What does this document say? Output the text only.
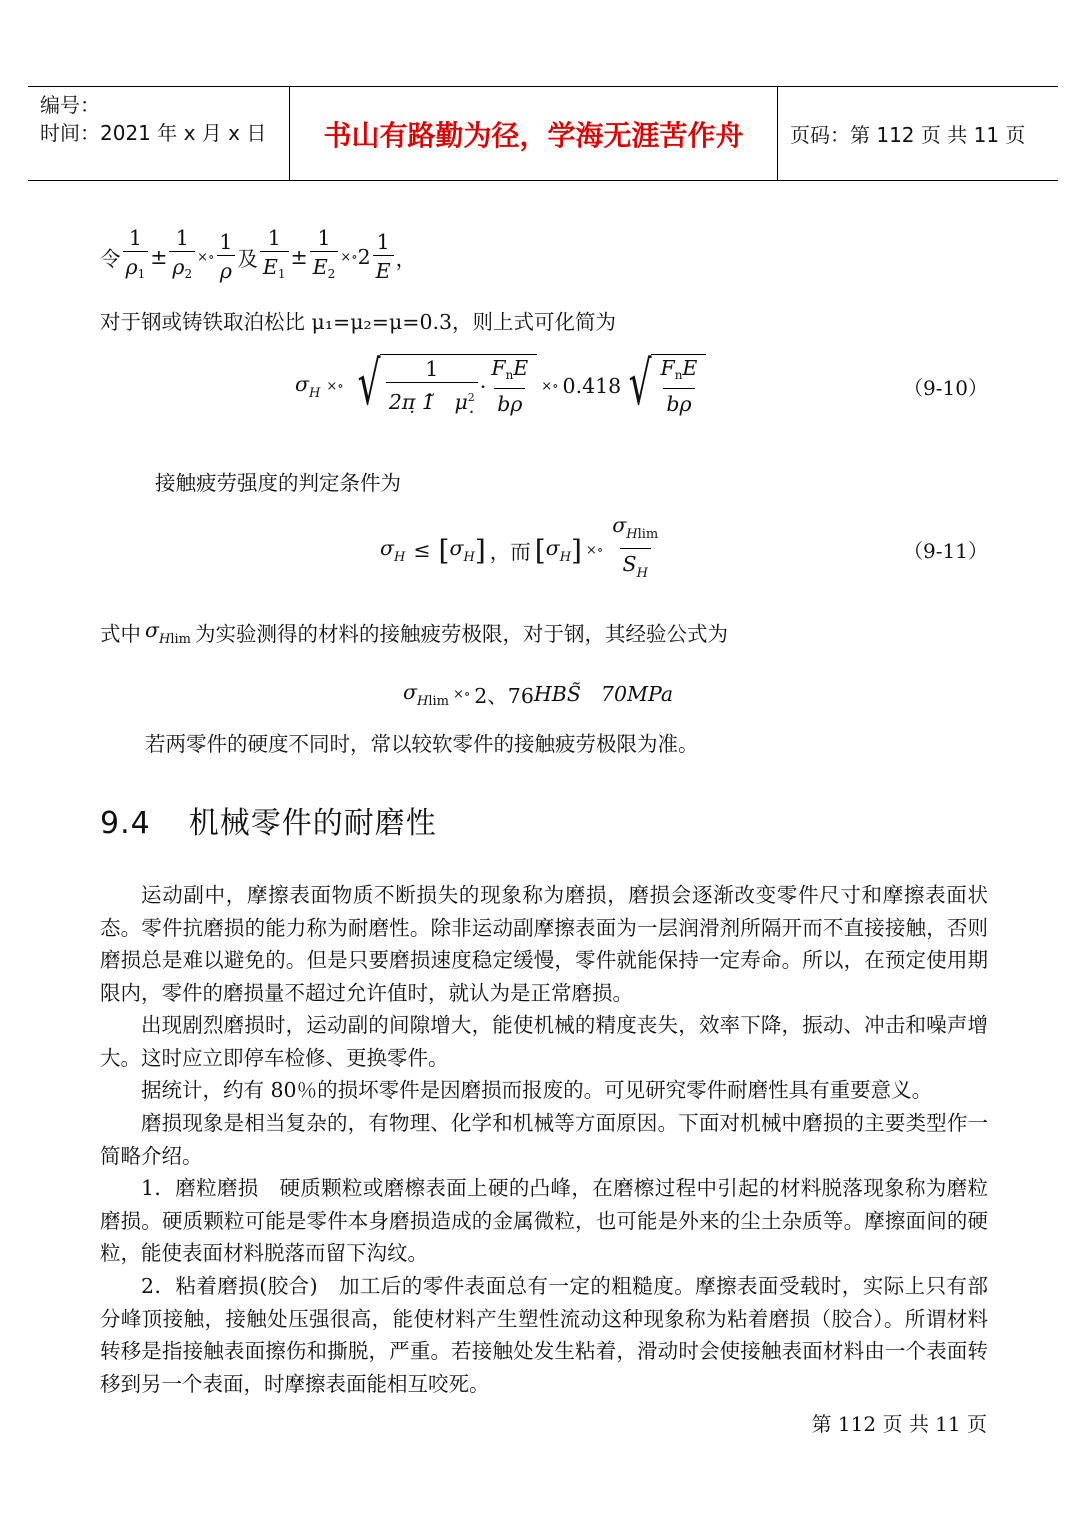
编号：
时间：2021 年 x 月 x 日	书山有路勤为径，学海无涯苦作舟	页码：第 112 页 共 11 页
令 $\frac{1}{\rho_1} \pm \frac{1}{\rho_2}$ ×∘ $\frac{1}{\rho}$ 及 $\frac{1}{E_1} \pm \frac{1}{E_2}$ ×∘ $2 \frac{1}{E}$ ，

对于钢或铸铁取泊松比 μ₁=μ₂=μ=0.3，则上式可化简为

$\sigma_H$ ×∘ √ $\frac{1}{2\pị 1̃ \mu^2} \cdot \frac{F_nE}{b\rho}$ ×∘ 0.418 √ $\frac{F_nE}{b\rho}$	（9-10）

接触疲劳强度的判定条件为

$\sigma_H$ ≤ [ $\sigma_H$ ] ，而 [ $\sigma_H$ ] ×∘ $\frac{\sigma_{Hlim}}{S_H}$	（9-11）
式中 $\sigma_{Hlim}$ 为实验测得的材料的接触疲劳极限，对于钢，其经验公式为
$\sigma_{Hlim}$ ×∘ 2、76 HBS̃ 70MPa

若两零件的硬度不同时，常以较软零件的接触疲劳极限为准。

9.4 机械零件的耐磨性

运动副中，摩擦表面物质不断损失的现象称为磨损，磨损会逐渐改变零件尺寸和摩擦表面状态。零件抗磨损的能力称为耐磨性。除非运动副摩擦表面为一层润滑剂所隔开而不直接接触，否则磨损总是难以避免的。但是只要磨损速度稳定缓慢，零件就能保持一定寿命。所以，在预定使用期限内，零件的磨损量不超过允许值时，就认为是正常磨损。

出现剧烈磨损时，运动副的间隙增大，能使机械的精度丧失，效率下降，振动、冲击和噪声增大。这时应立即停车检修、更换零件。

据统计，约有 80％的损坏零件是因磨损而报废的。可见研究零件耐磨性具有重要意义。

磨损现象是相当复杂的，有物理、化学和机械等方面原因。下面对机械中磨损的主要类型作一简略介绍。

1．磨粒磨损　硬质颗粒或磨檫表面上硬的凸峰，在磨檫过程中引起的材料脱落现象称为磨粒磨损。硬质颗粒可能是零件本身磨损造成的金属微粒，也可能是外来的尘土杂质等。摩擦面间的硬粒，能使表面材料脱落而留下沟纹。

2．粘着磨损(胶合)　加工后的零件表面总有一定的粗糙度。摩擦表面受载时，实际上只有部分峰顶接触，接触处压强很高，能使材料产生塑性流动这种现象称为粘着磨损（胶合）。所谓材料转移是指接触表面擦伤和撕脱，严重。若接触处发生粘着，滑动时会使接触表面材料由一个表面转移到另一个表面，时摩擦表面能相互咬死。

第 112 页 共 11 页
